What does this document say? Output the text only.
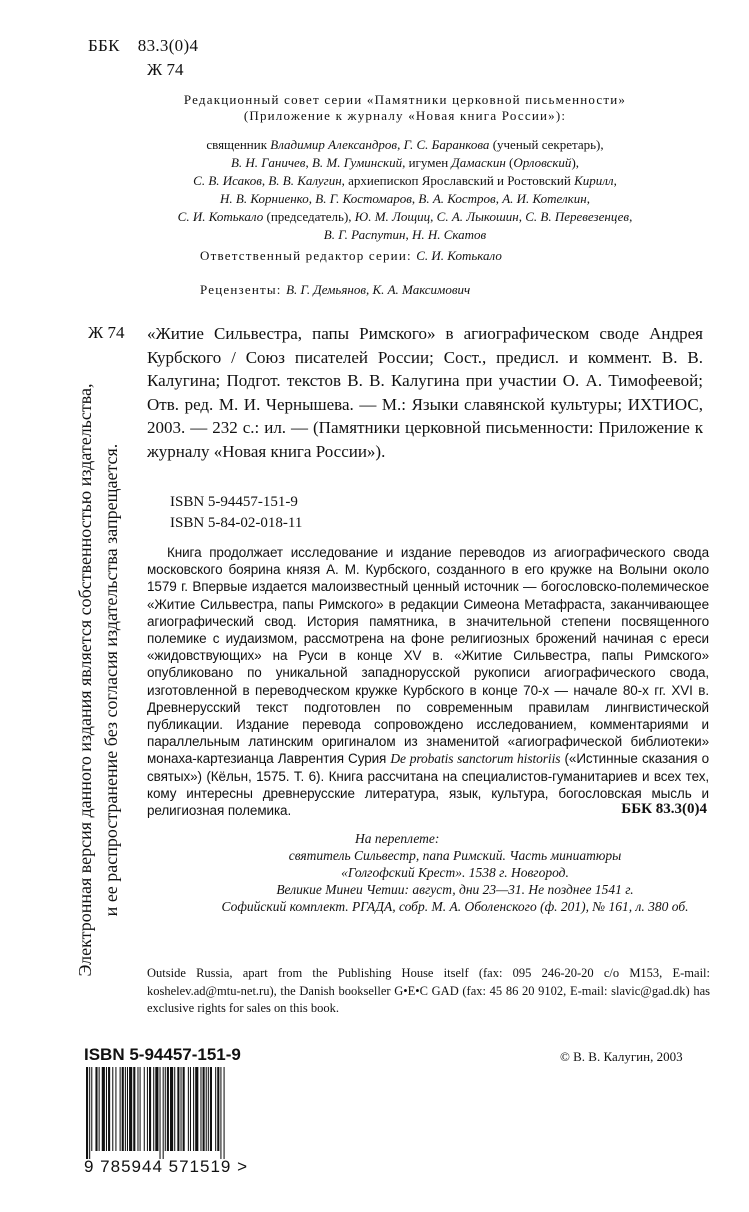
ББК 83.3(0)4
Ж 74
Редакционный совет серии «Памятники церковной письменности»
(Приложение к журналу «Новая книга России»):
священник Владимир Александров, Г. С. Баранкова (ученый секретарь),
В. Н. Ганичев, В. М. Гуминский, игумен Дамаскин (Орловский),
С. В. Исаков, В. В. Калугин, архиепископ Ярославский и Ростовский Кирилл,
Н. В. Корниенко, В. Г. Костомаров, В. А. Костров, А. И. Котелкин,
С. И. Котькало (председатель), Ю. М. Лощиц, С. А. Лыкошин, С. В. Перевезенцев,
В. Г. Распутин, Н. Н. Скатов
Ответственный редактор серии: С. И. Котькало
Рецензенты: В. Г. Демьянов, К. А. Максимович
Ж 74 «Житие Сильвестра, папы Римского» в агиографическом своде Андрея Курбского / Союз писателей России; Сост., предисл. и коммент. В. В. Калугина; Подгот. текстов В. В. Калугина при участии О. А. Тимофеевой; Отв. ред. М. И. Чернышева. — М.: Языки славянской культуры; ИХТИОС, 2003. — 232 с.: ил. — (Памятники церковной письменности: Приложение к журналу «Новая книга России»).
ISBN 5-94457-151-9
ISBN 5-84-02-018-11
Книга продолжает исследование и издание переводов из агиографического свода московского боярина князя А. М. Курбского, созданного в его кружке на Волыни около 1579 г. Впервые издается малоизвестный ценный источник — богословско-полемическое «Житие Сильвестра, папы Римского» в редакции Симеона Метафраста, заканчивающее агиографический свод. История памятника, в значительной степени посвященного полемике с иудаизмом, рассмотрена на фоне религиозных брожений начиная с ереси «жидовствующих» на Руси в конце XV в. «Житие Сильвестра, папы Римского» опубликовано по уникальной западнорусской рукописи агиографического свода, изготовленной в переводческом кружке Курбского в конце 70-х — начале 80-х гг. XVI в. Древнерусский текст подготовлен по современным правилам лингвистической публикации. Издание перевода сопровождено исследованием, комментариями и параллельным латинским оригиналом из знаменитой «агиографической библиотеки» монаха-картезианца Лаврентия Сурия De probatis sanctorum historiis («Истинные сказания о святых») (Кёльн, 1575. Т. 6). Книга рассчитана на специалистов-гуманитариев и всех тех, кому интересны древнерусские литература, язык, культура, богословская мысль и религиозная полемика.	ББК 83.3(0)4
На переплете:
святитель Сильвестр, папа Римский. Часть миниатюры
«Голгофский Крест». 1538 г. Новгород.
Великие Минеи Четии: август, дни 23—31. Не позднее 1541 г.
Софийский комплект. РГАДА, собр. М. А. Оболенского (ф. 201), № 161, л. 380 об.
Outside Russia, apart from the Publishing House itself (fax: 095 246-20-20 c/o M153, E-mail: koshelev.ad@mtu-net.ru), the Danish bookseller G•E•C GAD (fax: 45 86 20 9102, E-mail: slavic@gad.dk) has exclusive rights for sales on this book.
Электронная версия данного издания является собственностью издательства, и ее распространение без согласия издательства запрещается.
ISBN 5-94457-151-9
9 785944 571519 >
© В. В. Калугин, 2003
